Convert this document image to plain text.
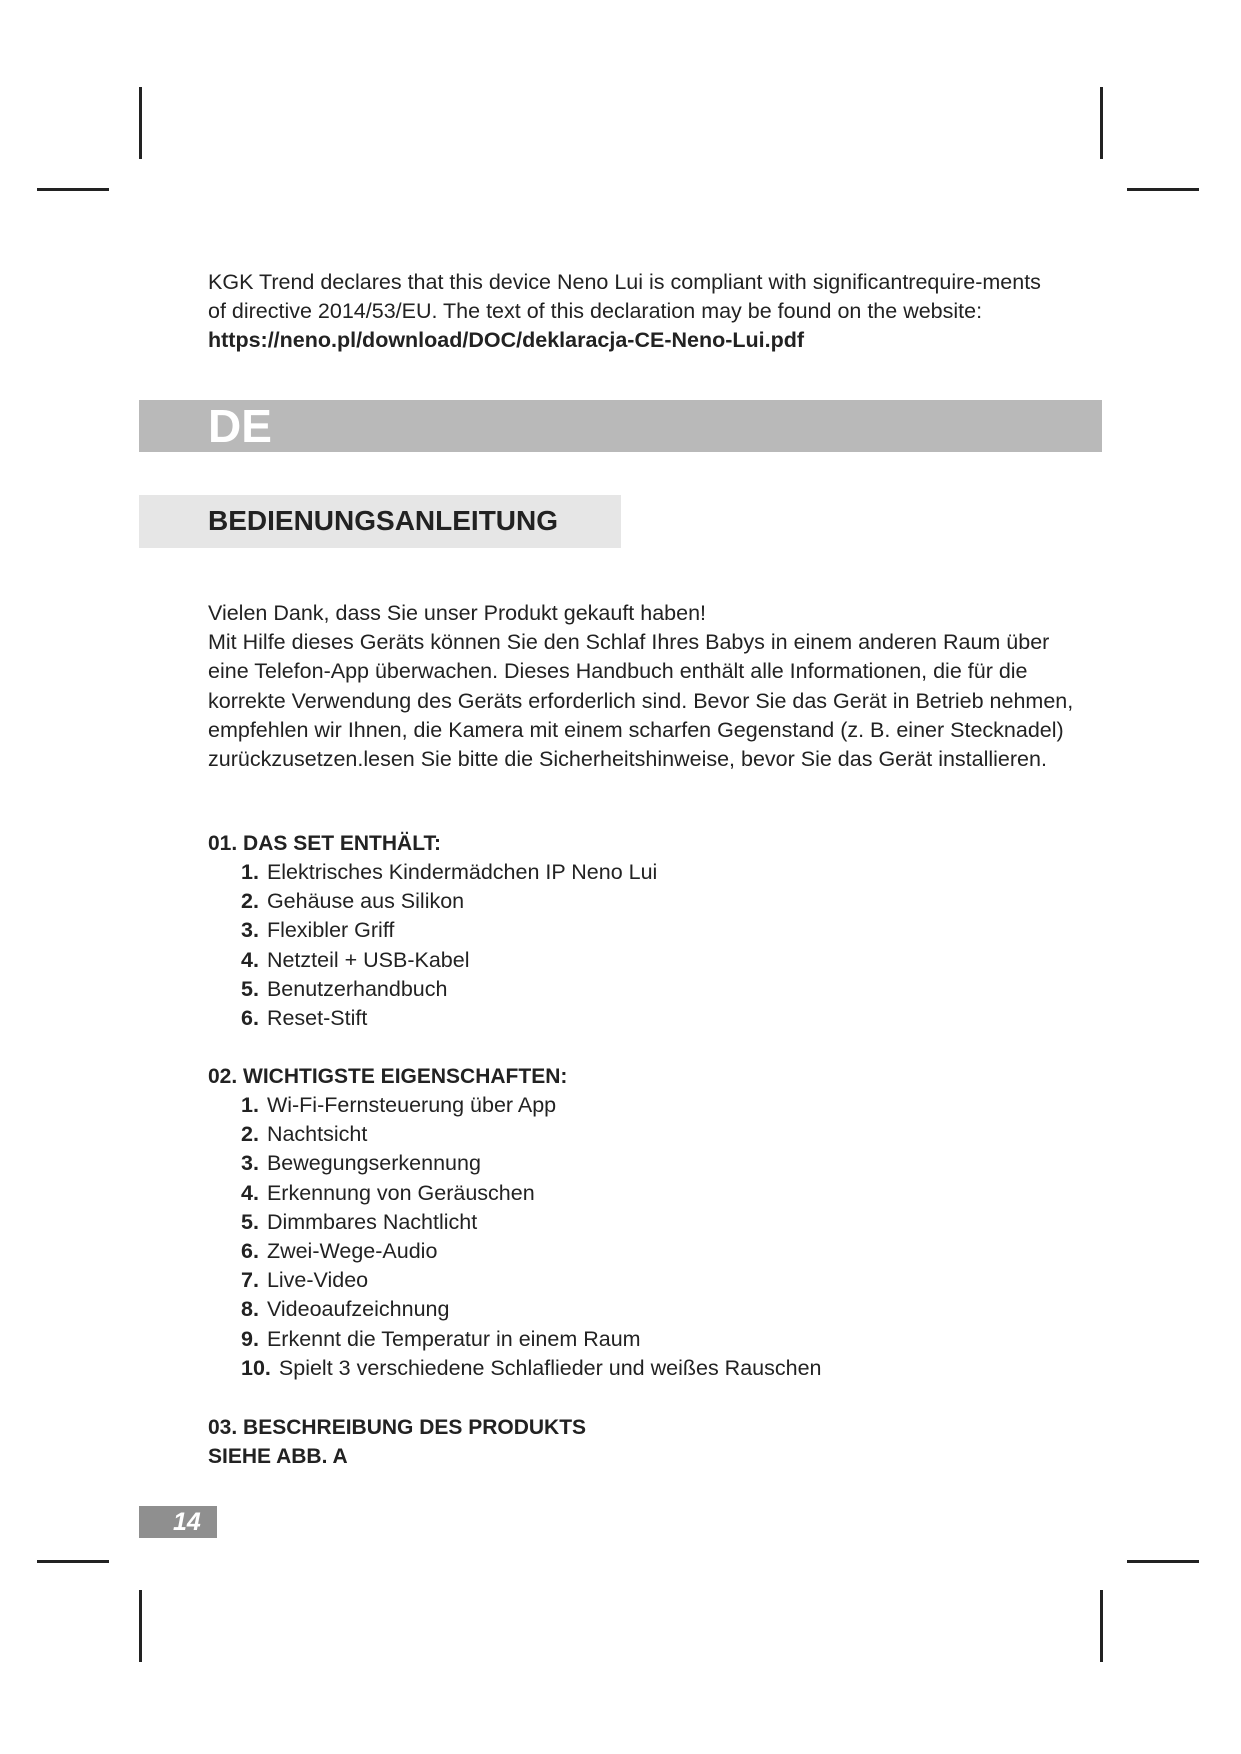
KGK Trend declares that this device Neno Lui is compliant with significantrequire-ments of directive 2014/53/EU. The text of this declaration may be found on the website: https://neno.pl/download/DOC/deklaracja-CE-Neno-Lui.pdf
DE
BEDIENUNGSANLEITUNG

Vielen Dank, dass Sie unser Produkt gekauft haben!

Mit Hilfe dieses Geräts können Sie den Schlaf Ihres Babys in einem anderen Raum über eine Telefon-App überwachen. Dieses Handbuch enthält alle Informationen, die für die korrekte Verwendung des Geräts erforderlich sind. Bevor Sie das Gerät in Betrieb nehmen, empfehlen wir Ihnen, die Kamera mit einem scharfen Gegenstand (z. B. einer Stecknadel) zurückzusetzen.lesen Sie bitte die Sicherheitshinweise, bevor Sie das Gerät installieren.

01. DAS SET ENTHÄLT:
1. Elektrisches Kindermädchen IP Neno Lui
2. Gehäuse aus Silikon
3. Flexibler Griff
4. Netzteil + USB-Kabel
5. Benutzerhandbuch
6. Reset-Stift
02. WICHTIGSTE EIGENSCHAFTEN:
1. Wi-Fi-Fernsteuerung über App
2. Nachtsicht
3. Bewegungserkennung
4. Erkennung von Geräuschen
5. Dimmbares Nachtlicht
6. Zwei-Wege-Audio
7. Live-Video
8. Videoaufzeichnung
9. Erkennt die Temperatur in einem Raum
10. Spielt 3 verschiedene Schlaflieder und weißes Rauschen
03. BESCHREIBUNG DES PRODUKTS
SIEHE ABB. A
14
